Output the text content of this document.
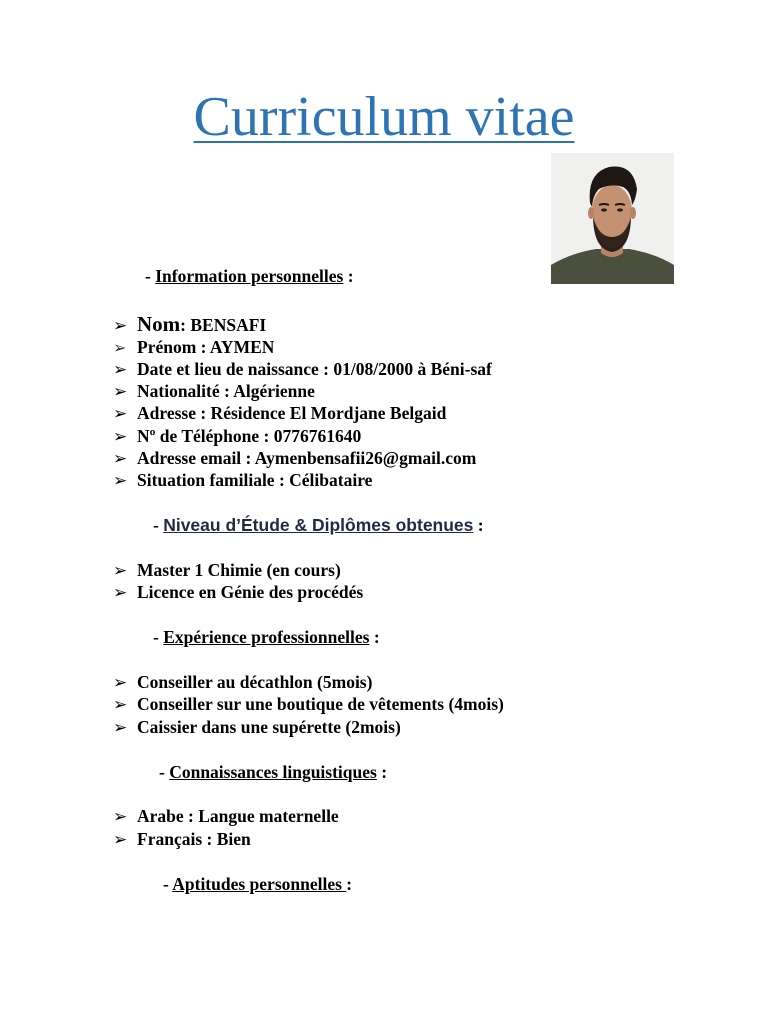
Curriculum vitae
- Information personnelles :
➢ Nom : BENSAFI
➢ Prénom : AYMEN
➢ Date et lieu de naissance : 01/08/2000 à Béni-saf
➢ Nationalité : Algérienne
➢ Adresse : Résidence El Mordjane Belgaid
➢ Nº de Téléphone : 0776761640
➢ Adresse email : Aymenbensafii26@gmail.com
➢ Situation familiale : Célibataire
- Niveau d’Étude & Diplômes obtenues :
➢ Master 1 Chimie (en cours)
➢ Licence en Génie des procédés
- Expérience professionnelles :
➢ Conseiller au décathlon (5mois)
➢ Conseiller sur une boutique de vêtements (4mois)
➢ Caissier dans une supérette (2mois)
- Connaissances linguistiques :
➢ Arabe : Langue maternelle
➢ Français : Bien
- Aptitudes personnelles :
